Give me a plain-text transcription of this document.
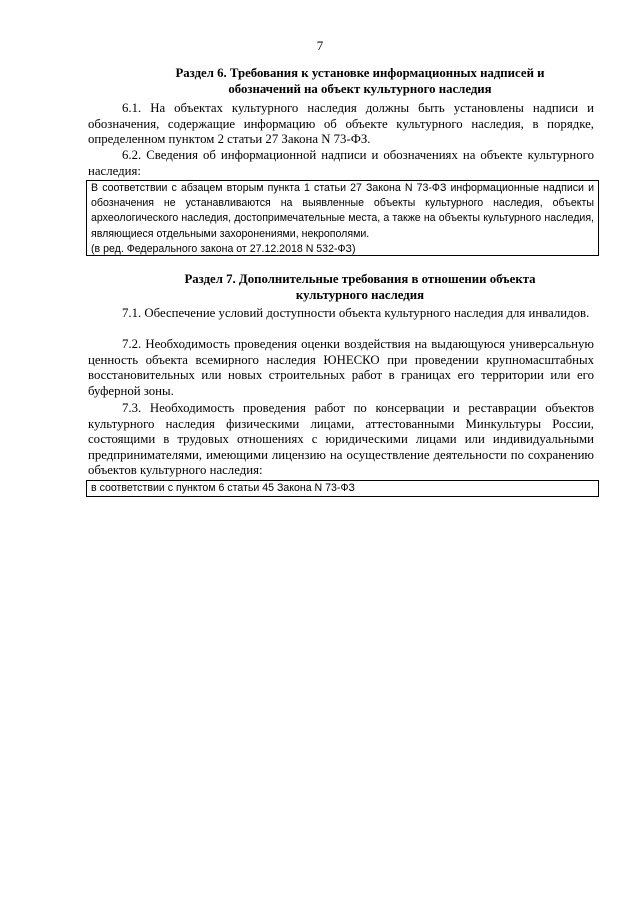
7
Раздел 6. Требования к установке информационных надписей и обозначений на объект культурного наследия
6.1. На объектах культурного наследия должны быть установлены надписи и обозначения, содержащие информацию об объекте культурного наследия, в порядке, определенном пунктом 2 статьи 27 Закона N 73-ФЗ.
6.2. Сведения об информационной надписи и обозначениях на объекте культурного наследия:
В соответствии с абзацем вторым пункта 1 статьи 27 Закона N 73-ФЗ информационные надписи и обозначения не устанавливаются на выявленные объекты культурного наследия, объекты археологического наследия, достопримечательные места, а также на объекты культурного наследия, являющиеся отдельными захоронениями, некрополями.
(в ред. Федерального закона от 27.12.2018 N 532-ФЗ)
Раздел 7. Дополнительные требования в отношении объекта культурного наследия
7.1. Обеспечение условий доступности объекта культурного наследия для инвалидов.
7.2. Необходимость проведения оценки воздействия на выдающуюся универсальную ценность объекта всемирного наследия ЮНЕСКО при проведении крупномасштабных восстановительных или новых строительных работ в границах его территории или его буферной зоны.
7.3. Необходимость проведения работ по консервации и реставрации объектов культурного наследия физическими лицами, аттестованными Минкультуры России, состоящими в трудовых отношениях с юридическими лицами или индивидуальными предпринимателями, имеющими лицензию на осуществление деятельности по сохранению объектов культурного наследия:
в соответствии с пунктом 6 статьи 45 Закона N 73-ФЗ
